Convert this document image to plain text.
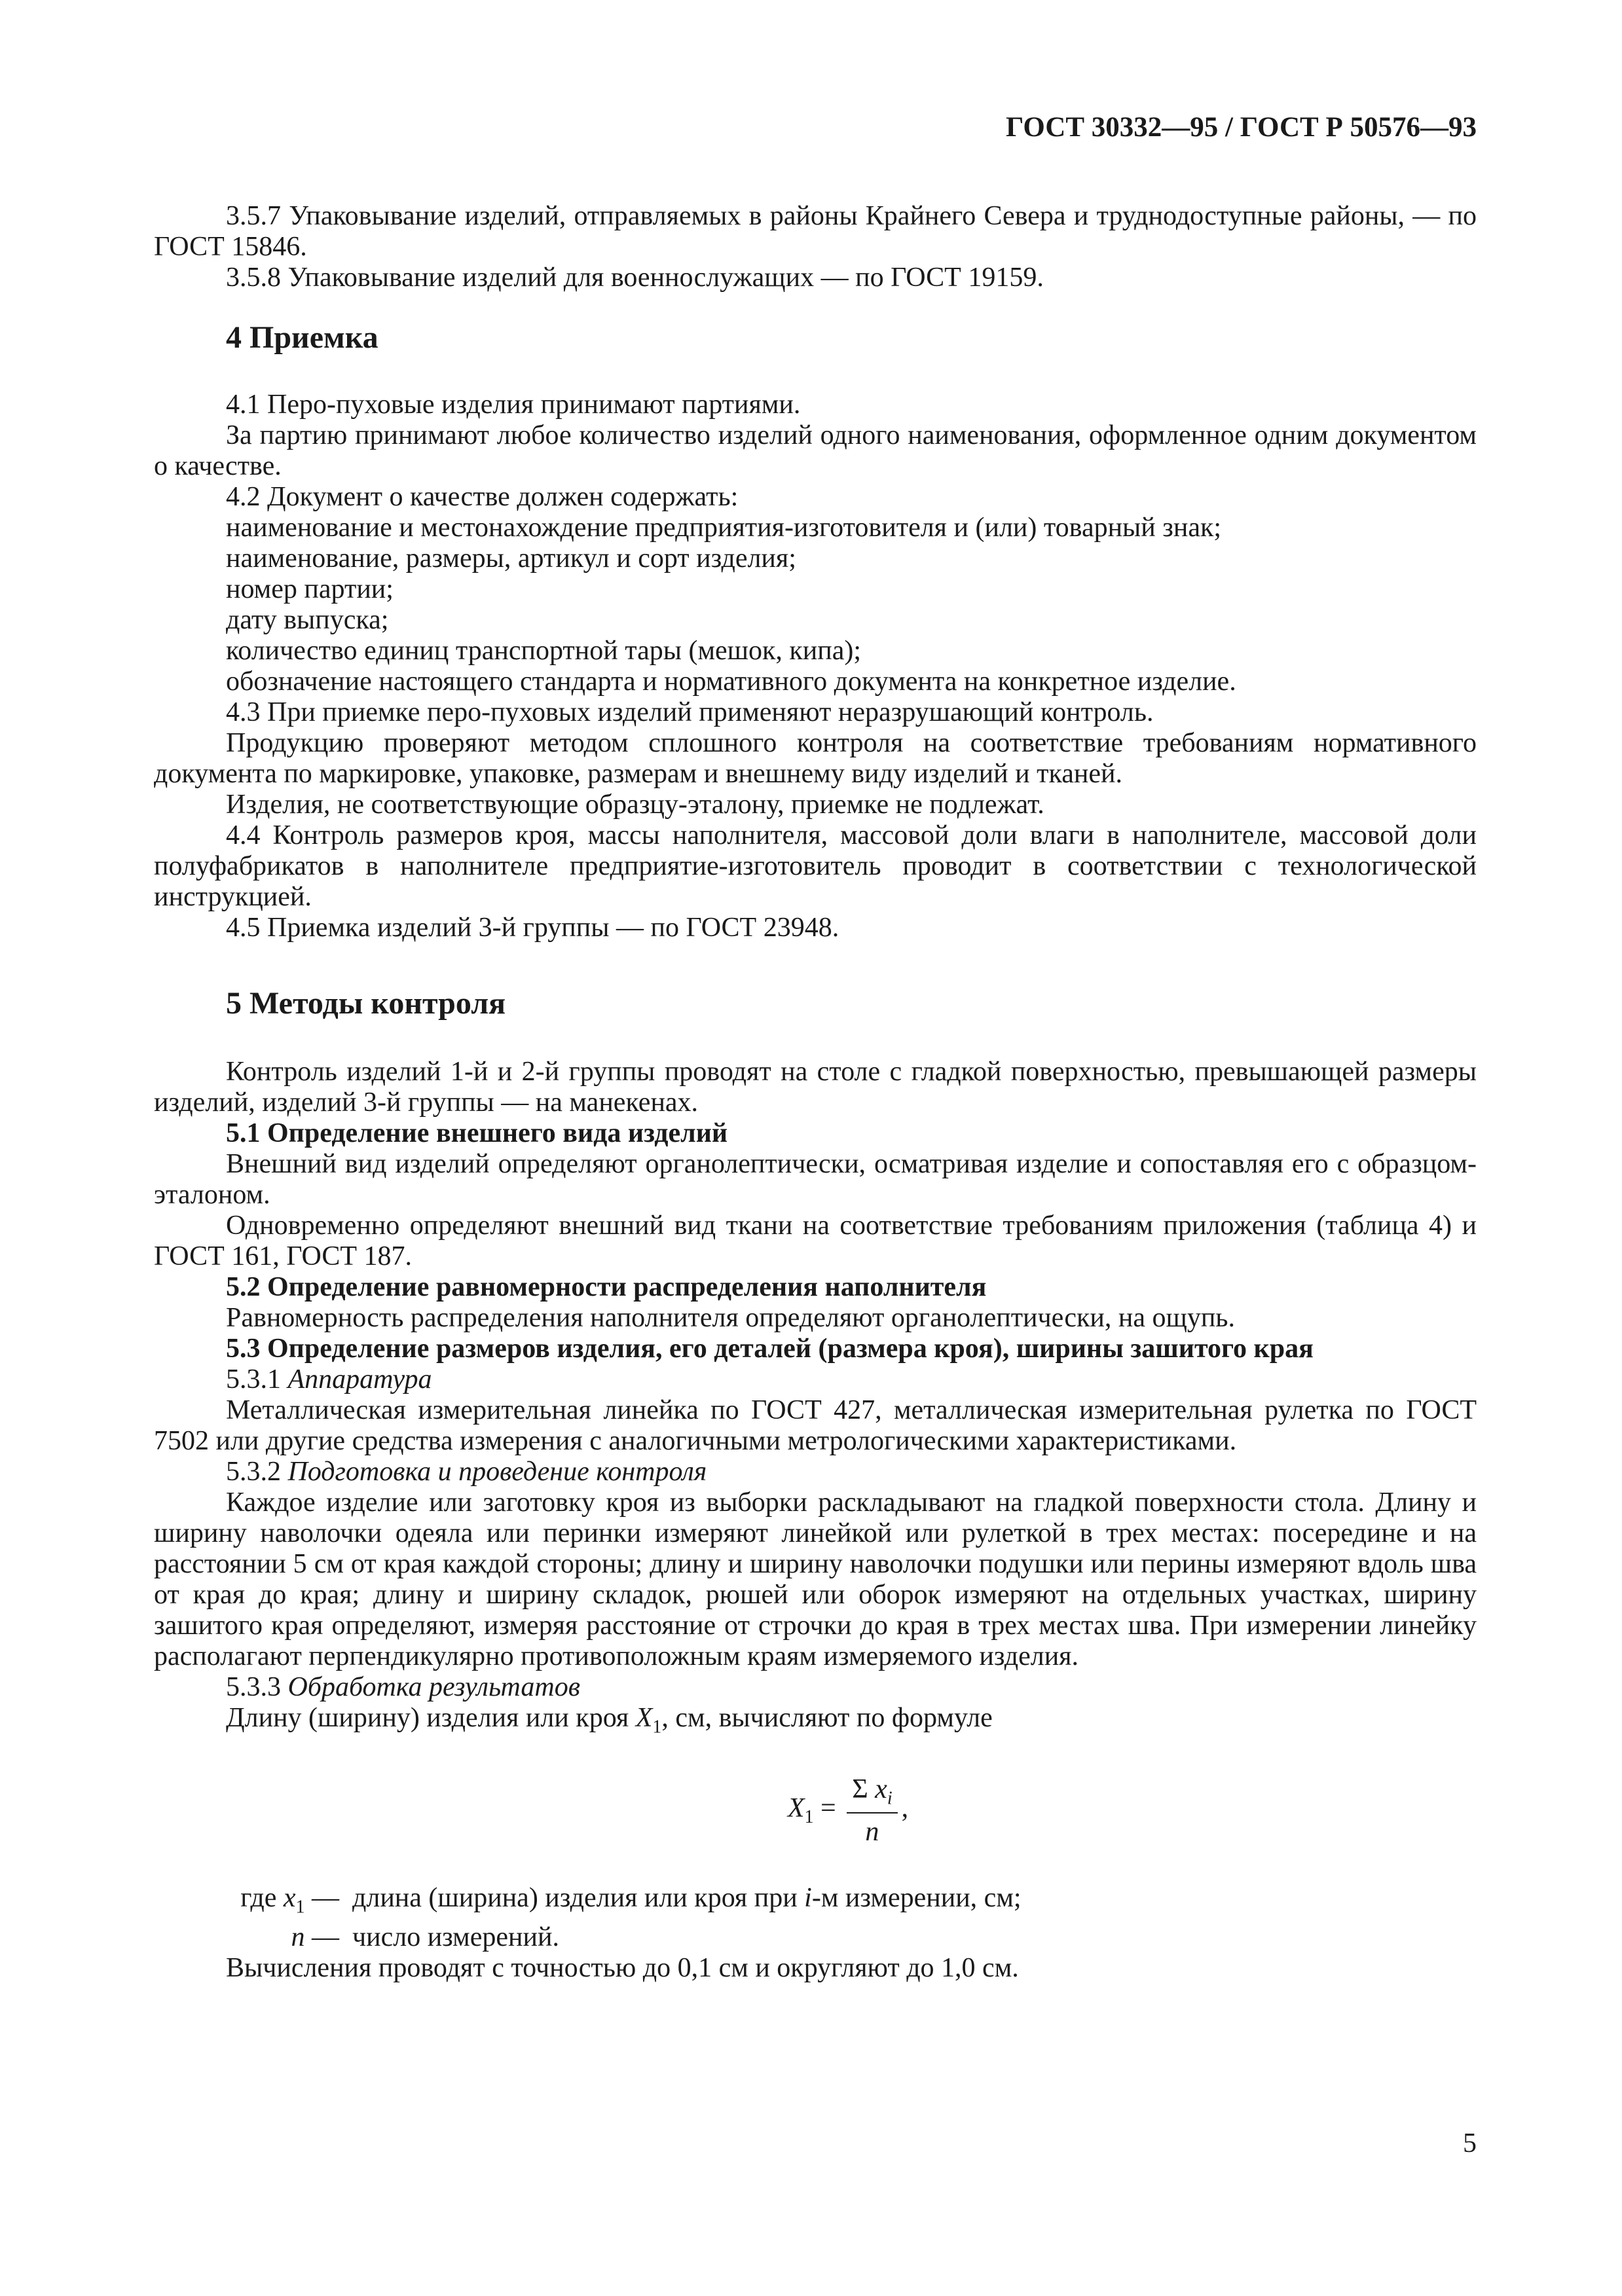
ГОСТ 30332—95 / ГОСТ Р 50576—93

3.5.7 Упаковывание изделий, отправляемых в районы Крайнего Севера и труднодоступные районы, — по ГОСТ 15846.

3.5.8 Упаковывание изделий для военнослужащих — по ГОСТ 19159.

4 Приемка

4.1 Перо-пуховые изделия принимают партиями.

За партию принимают любое количество изделий одного наименования, оформленное одним документом о качестве.

4.2 Документ о качестве должен содержать:

наименование и местонахождение предприятия-изготовителя и (или) товарный знак;

наименование, размеры, артикул и сорт изделия;

номер партии;

дату выпуска;

количество единиц транспортной тары (мешок, кипа);

обозначение настоящего стандарта и нормативного документа на конкретное изделие.

4.3 При приемке перо-пуховых изделий применяют неразрушающий контроль.

Продукцию проверяют методом сплошного контроля на соответствие требованиям нормативного документа по маркировке, упаковке, размерам и внешнему виду изделий и тканей.

Изделия, не соответствующие образцу-эталону, приемке не подлежат.

4.4 Контроль размеров кроя, массы наполнителя, массовой доли влаги в наполнителе, массовой доли полуфабрикатов в наполнителе предприятие-изготовитель проводит в соответствии с технологической инструкцией.

4.5 Приемка изделий 3-й группы — по ГОСТ 23948.

5 Методы контроля

Контроль изделий 1-й и 2-й группы проводят на столе с гладкой поверхностью, превышающей размеры изделий, изделий 3-й группы — на манекенах.

5.1 Определение внешнего вида изделий

Внешний вид изделий определяют органолептически, осматривая изделие и сопоставляя его с образцом-эталоном.

Одновременно определяют внешний вид ткани на соответствие требованиям приложения (таблица 4) и ГОСТ 161, ГОСТ 187.

5.2 Определение равномерности распределения наполнителя

Равномерность распределения наполнителя определяют органолептически, на ощупь.

5.3 Определение размеров изделия, его деталей (размера кроя), ширины зашитого края

5.3.1 Аппаратура

Металлическая измерительная линейка по ГОСТ 427, металлическая измерительная рулетка по ГОСТ 7502 или другие средства измерения с аналогичными метрологическими характеристиками.

5.3.2 Подготовка и проведение контроля

Каждое изделие или заготовку кроя из выборки раскладывают на гладкой поверхности стола. Длину и ширину наволочки одеяла или перинки измеряют линейкой или рулеткой в трех местах: посередине и на расстоянии 5 см от края каждой стороны; длину и ширину наволочки подушки или перины измеряют вдоль шва от края до края; длину и ширину складок, рюшей или оборок измеряют на отдельных участках, ширину зашитого края определяют, измеряя расстояние от строчки до края в трех местах шва. При измерении линейку располагают перпендикулярно противоположным краям измеряемого изделия.

5.3.3 Обработка результатов

Длину (ширину) изделия или кроя $X_1$, см, вычисляют по формуле

$X_1 = \frac{\Sigma x_i}{n}$ ,
где $x_1$ — длина (ширина) изделия или кроя при i-м измерении, см;
n — число измерений.

Вычисления проводят с точностью до 0,1 см и округляют до 1,0 см.

5
